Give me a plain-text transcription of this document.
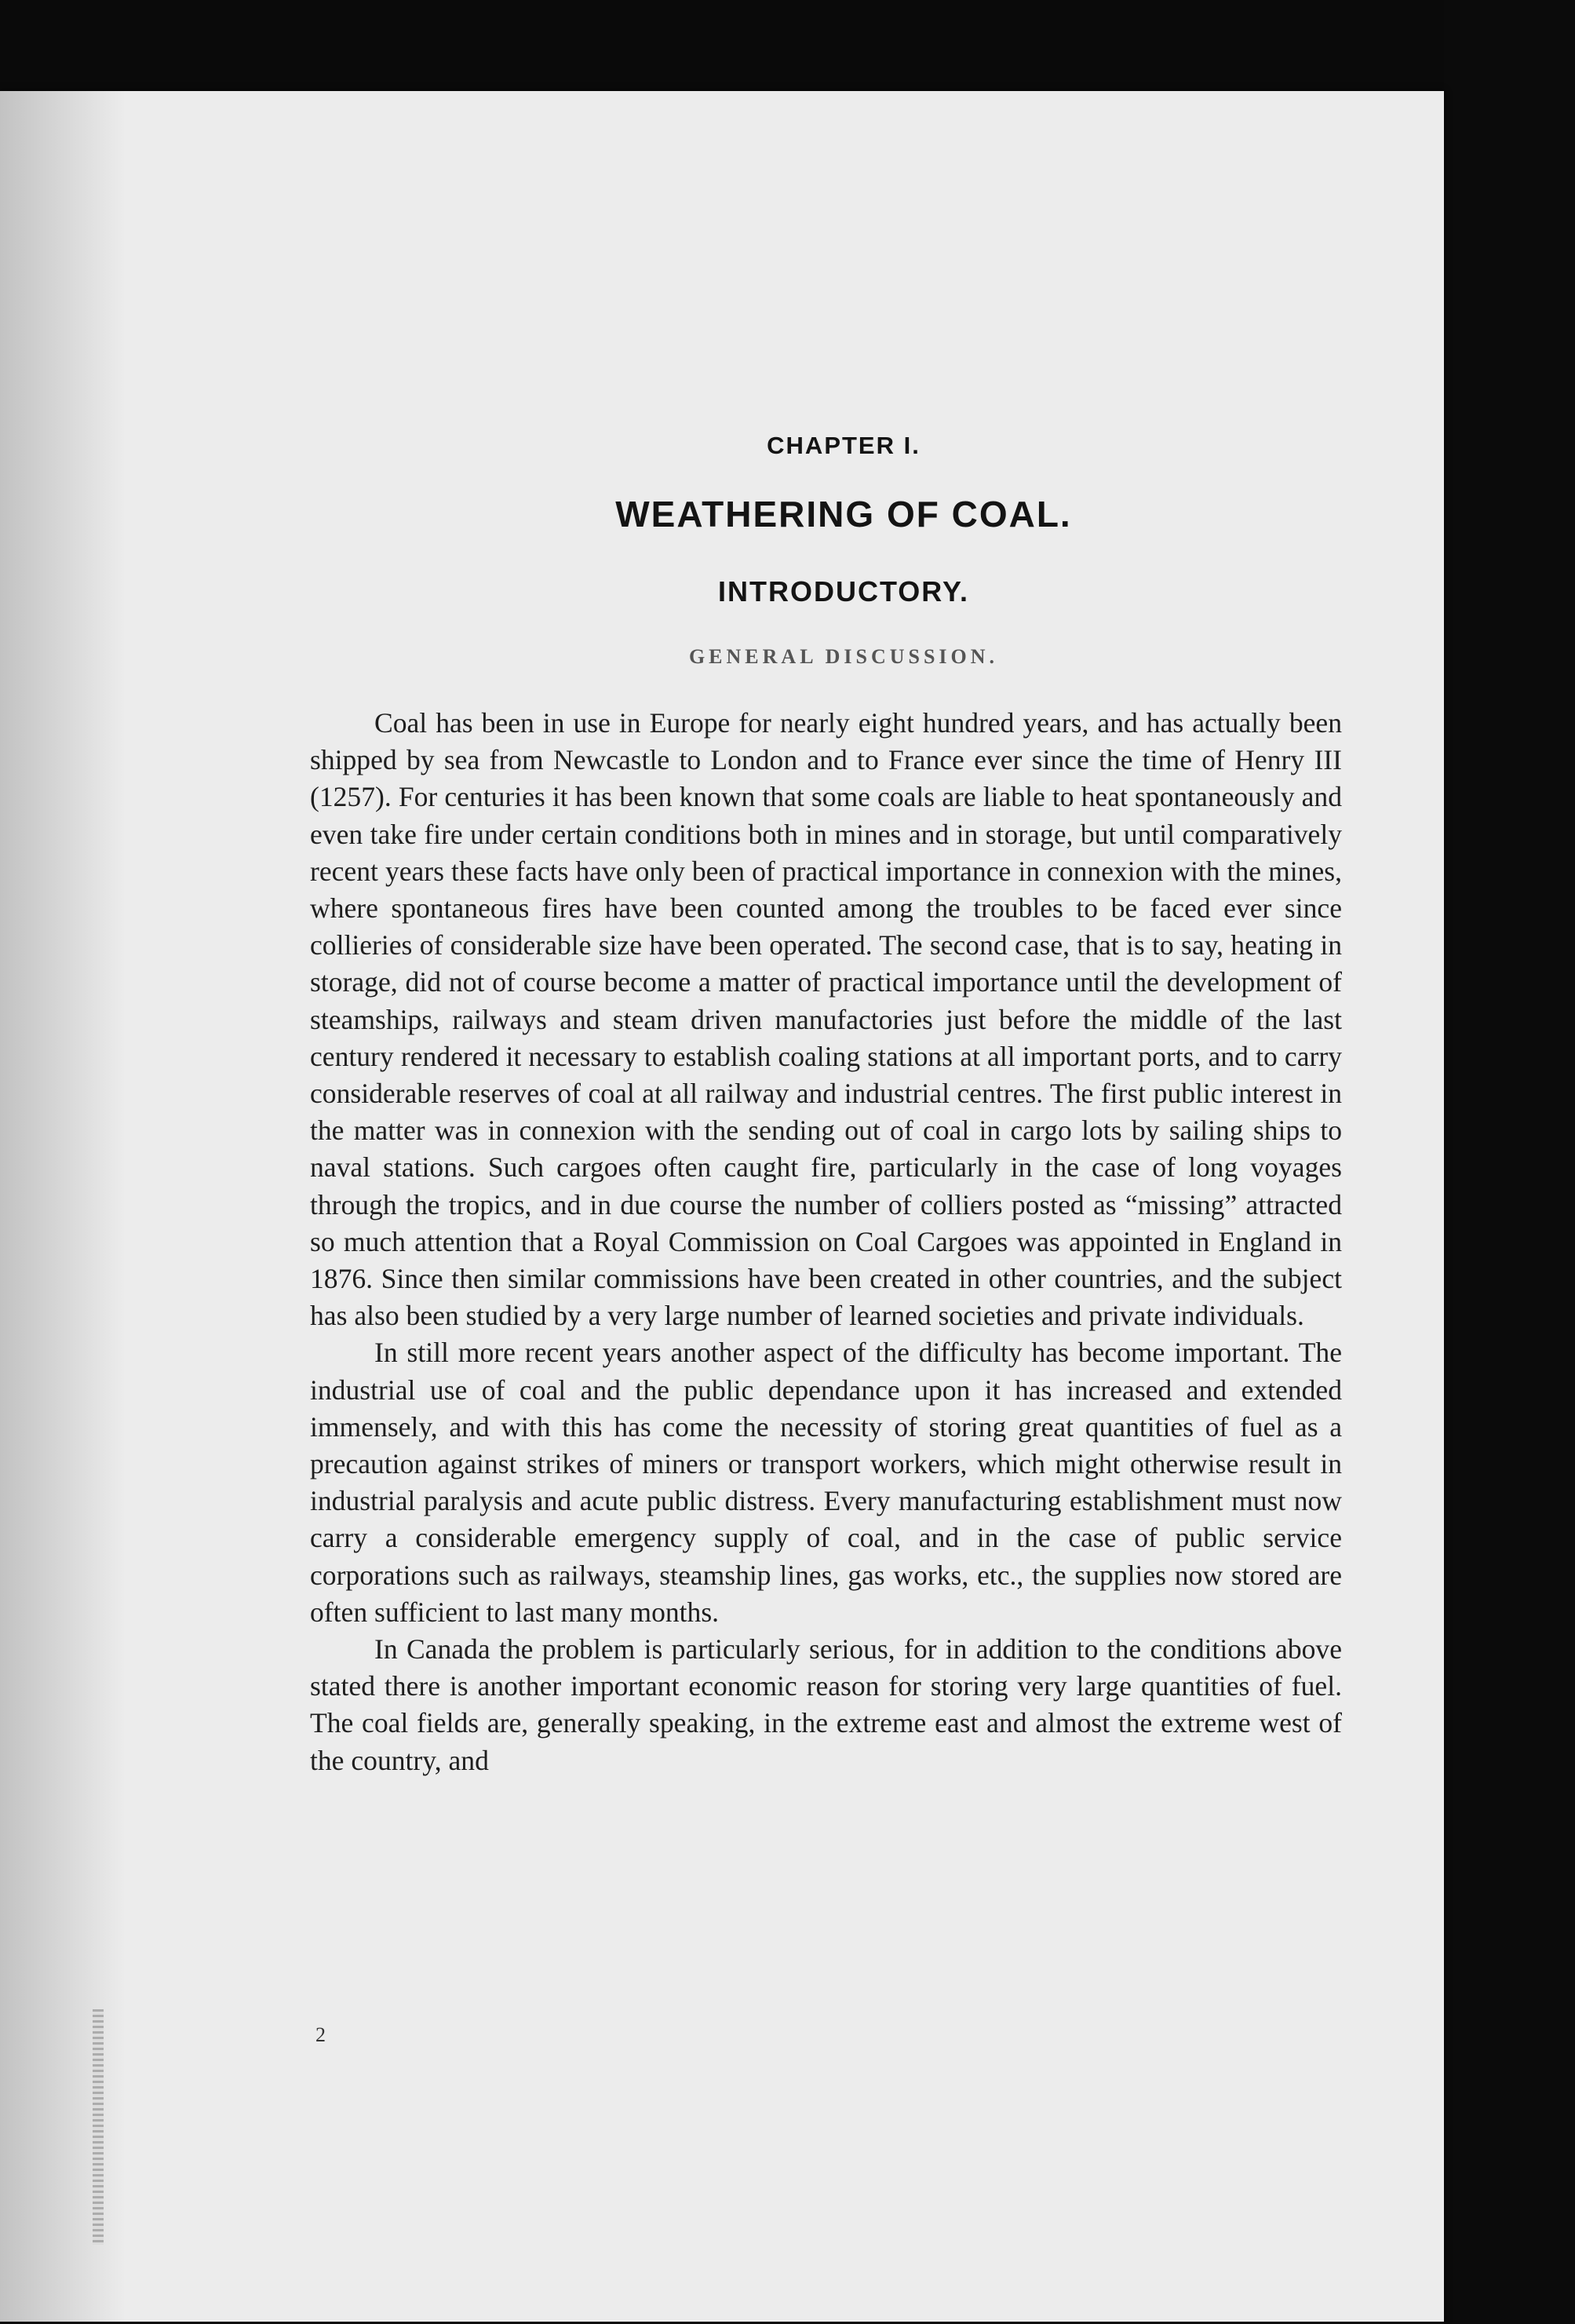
CHAPTER I.
WEATHERING OF COAL.
INTRODUCTORY.
GENERAL DISCUSSION.

Coal has been in use in Europe for nearly eight hundred years, and has actually been shipped by sea from Newcastle to London and to France ever since the time of Henry III (1257). For centuries it has been known that some coals are liable to heat spontaneously and even take fire under certain conditions both in mines and in storage, but until comparatively recent years these facts have only been of practical importance in connexion with the mines, where spontaneous fires have been counted among the troubles to be faced ever since collieries of considerable size have been operated. The second case, that is to say, heating in storage, did not of course become a matter of practical importance until the development of steamships, railways and steam driven manufactories just before the middle of the last century rendered it necessary to establish coaling stations at all important ports, and to carry considerable reserves of coal at all railway and industrial centres. The first public interest in the matter was in connexion with the sending out of coal in cargo lots by sailing ships to naval stations. Such cargoes often caught fire, particularly in the case of long voyages through the tropics, and in due course the number of colliers posted as “missing” attracted so much attention that a Royal Commission on Coal Cargoes was appointed in England in 1876. Since then similar commissions have been created in other countries, and the subject has also been studied by a very large number of learned societies and private individuals.

In still more recent years another aspect of the difficulty has become important. The industrial use of coal and the public dependance upon it has increased and extended immensely, and with this has come the necessity of storing great quantities of fuel as a precaution against strikes of miners or transport workers, which might otherwise result in industrial paralysis and acute public distress. Every manufacturing establishment must now carry a considerable emergency supply of coal, and in the case of public service corporations such as railways, steamship lines, gas works, etc., the supplies now stored are often sufficient to last many months.

In Canada the problem is particularly serious, for in addition to the conditions above stated there is another important economic reason for storing very large quantities of fuel. The coal fields are, generally speaking, in the extreme east and almost the extreme west of the country, and

2
